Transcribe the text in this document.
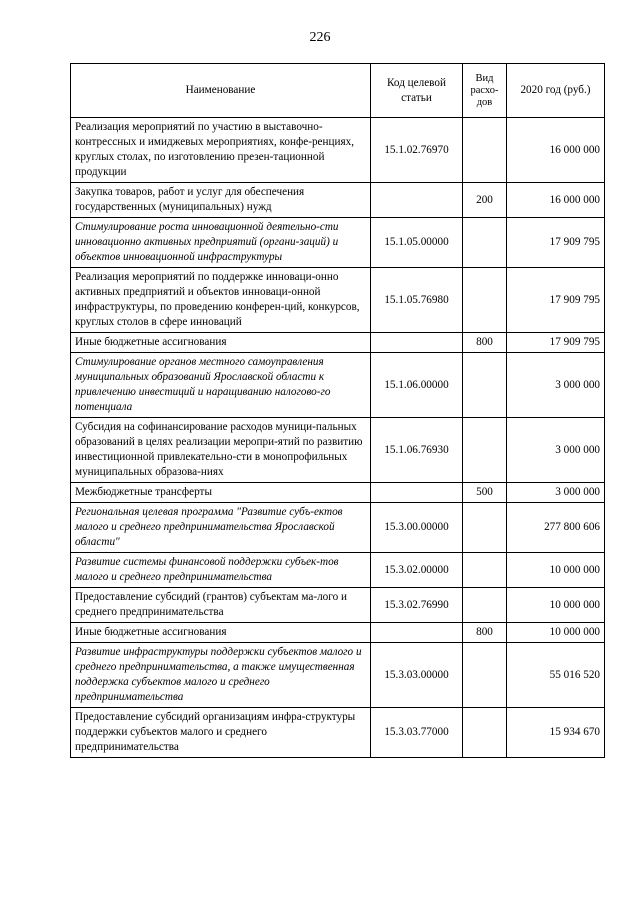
226
Наименование	Код целевой статьи	Вид расхо-дов	2020 год (руб.)
Реализация мероприятий по участию в выставочно-контрессных и имиджевых мероприятиях, конфе-ренциях, круглых столах, по изготовлению презен-тационной продукции	15.1.02.76970		16 000 000
Закупка товаров, работ и услуг для обеспечения государственных (муниципальных) нужд		200	16 000 000
Стимулирование роста инновационной деятельно-сти инновационно активных предприятий (органи-заций) и объектов инновационной инфраструктуры	15.1.05.00000		17 909 795
Реализация мероприятий по поддержке инноваци-онно активных предприятий и объектов инноваци-онной инфраструктуры, по проведению конферен-ций, конкурсов, круглых столов в сфере инноваций	15.1.05.76980		17 909 795
Иные бюджетные ассигнования		800	17 909 795
Стимулирование органов местного самоуправления муниципальных образований Ярославской области к привлечению инвестиций и наращиванию налогово-го потенциала	15.1.06.00000		3 000 000
Субсидия на софинансирование расходов муници-пальных образований в целях реализации меропри-ятий по развитию инвестиционной привлекательно-сти в монопрофильных муниципальных образова-ниях	15.1.06.76930		3 000 000
Межбюджетные трансферты		500	3 000 000
Региональная целевая программа "Развитие субъ-ектов малого и среднего предпринимательства Ярославской области"	15.3.00.00000		277 800 606
Развитие системы финансовой поддержки субъек-тов малого и среднего предпринимательства	15.3.02.00000		10 000 000
Предоставление субсидий (грантов) субъектам ма-лого и среднего предпринимательства	15.3.02.76990		10 000 000
Иные бюджетные ассигнования		800	10 000 000
Развитие инфраструктуры поддержки субъектов малого и среднего предпринимательства, а также имущественная поддержка субъектов малого и среднего предпринимательства	15.3.03.00000		55 016 520
Предоставление субсидий организациям инфра-структуры поддержки субъектов малого и среднего предпринимательства	15.3.03.77000		15 934 670
